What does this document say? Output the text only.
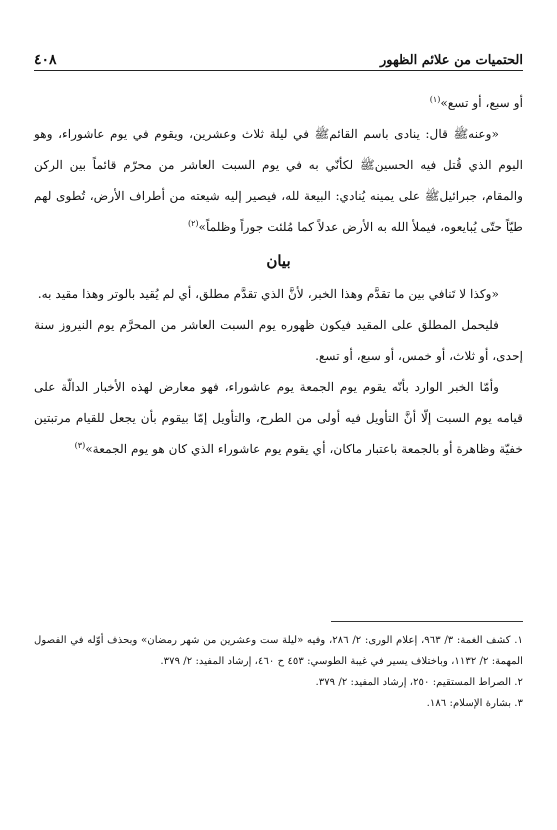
الحتميات من علائم الظهور
٤٠٨

أو سبع، أو تسع»$^{(١)}$

«وعنهﷺ قال: ينادى باسم القائمﷺ في ليلة ثلاث وعشرين، ويقوم في يوم عاشوراء، وهو اليوم الذي قُتل فيه الحسينﷺ لكأنّي به في يوم السبت العاشر من محرّم قائماً بين الركن والمقام، جبرائيلﷺ على يمينه يُنادي: البيعة لله، فيصير إليه شيعته من أطراف الأرض، تُطوى لهم طيّاً حتّى يُبايعوه، فيملأ الله به الأرض عدلاً كما مُلئت جوراً وظلماً»$^{(٢)}$

بيان

«وكذا لا تَنافي بين ما تقدَّم وهذا الخبر، لأنَّ الذي تقدَّم مطلق، أي لم يُقيد بالوتر وهذا مقيد به.

فليحمل المطلق على المقيد فيكون ظهوره يوم السبت العاشر من المحرَّم يوم النيروز سنة إحدى، أو ثلاث، أو خمس، أو سبع، أو تسع.

وأمّا الخبر الوارد بأنّه يقوم يوم الجمعة يوم عاشوراء، فهو معارض لهذه الأخبار الدالّة على قيامه يوم السبت إلّا أنَّ التأويل فيه أولى من الطرح، والتأويل إمّا بيقوم بأن يجعل للقيام مرتبتين خفيّة وظاهرة أو بالجمعة باعتبار ماكان، أي يقوم يوم عاشوراء الذي كان هو يوم الجمعة»$^{(٣)}$

١. كشف الغمة: ٣/ ٩٦٣، إعلام الورى: ٢/ ٢٨٦، وفيه «ليلة ست وعشرين من شهر رمضان» وبحذف أوّله في الفصول المهمة: ٢/ ١١٣٢، وباختلاف يسير في غيبة الطوسي: ٤٥٣ ح ٤٦٠، إرشاد المفيد: ٢/ ٣٧٩.

٢. الصراط المستقيم: ٢٥٠، إرشاد المفيد: ٢/ ٣٧٩.

٣. بشارة الإسلام: ١٨٦.
